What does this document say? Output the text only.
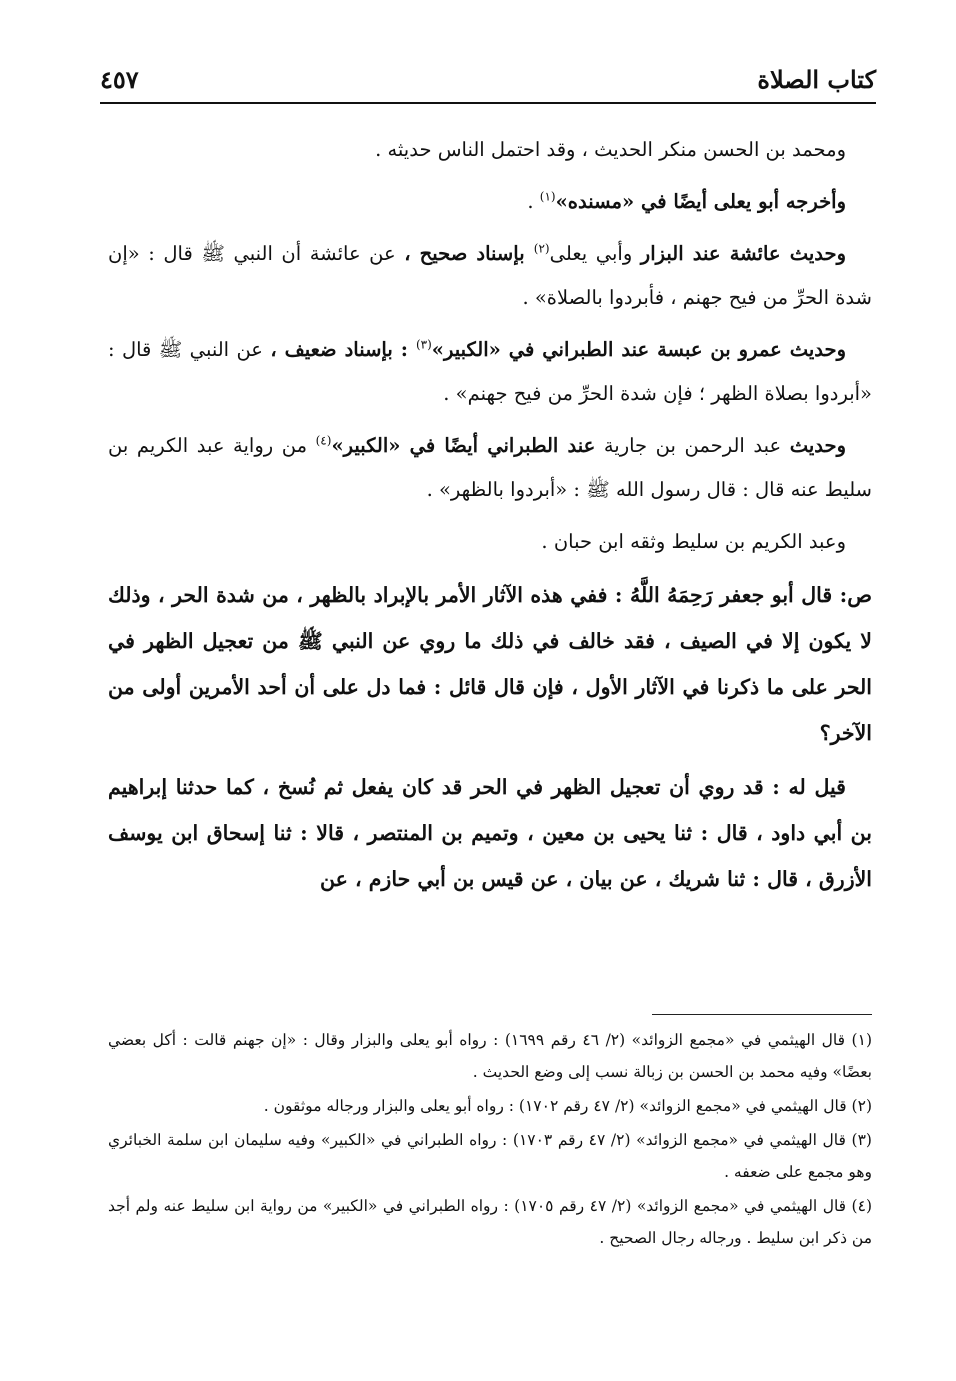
كتاب الصلاة
٤٥٧

ومحمد بن الحسن منكر الحديث ، وقد احتمل الناس حديثه .

وأخرجه أبو يعلى أيضًا في «مسنده»$^{(١)}$ .

وحديث عائشة عند البزار وأبي يعلى$^{(٢)}$ بإسناد صحيح ، عن عائشة أن النبي ﷺ قال : «إن شدة الحرِّ من فيح جهنم ، فأبردوا بالصلاة» .

وحديث عمرو بن عبسة عند الطبراني في «الكبير»$^{(٣)}$ : بإسناد ضعيف ، عن النبي ﷺ قال : «أبردوا بصلاة الظهر ؛ فإن شدة الحرِّ من فيح جهنم» .

وحديث عبد الرحمن بن جارية عند الطبراني أيضًا في «الكبير»$^{(٤)}$ من رواية عبد الكريم بن سليط عنه قال : قال رسول الله ﷺ : «أبردوا بالظهر» .

وعبد الكريم بن سليط وثقه ابن حبان .

ص: قال أبو جعفر رَحِمَهُ اللَّهُ : ففي هذه الآثار الأمر بالإبراد بالظهر ، من شدة الحر ، وذلك لا يكون إلا في الصيف ، فقد خالف في ذلك ما روي عن النبي ﷺ من تعجيل الظهر في الحر على ما ذكرنا في الآثار الأول ، فإن قال قائل : فما دل على أن أحد الأمرين أولى من الآخر؟

قيل له : قد روي أن تعجيل الظهر في الحر قد كان يفعل ثم نُسخ ، كما حدثنا إبراهيم بن أبي داود ، قال : ثنا يحيى بن معين ، وتميم بن المنتصر ، قالا : ثنا إسحاق ابن يوسف الأزرق ، قال : ثنا شريك ، عن بيان ، عن قيس بن أبي حازم ، عن

(١) قال الهيثمي في «مجمع الزوائد» (٢/ ٤٦ رقم ١٦٩٩) : رواه أبو يعلى والبزار وقال : «إن جهنم قالت : أكل بعضي بعضًا» وفيه محمد بن الحسن بن زبالة نسب إلى وضع الحديث .

(٢) قال الهيثمي في «مجمع الزوائد» (٢/ ٤٧ رقم ١٧٠٢) : رواه أبو يعلى والبزار ورجاله موثقون .

(٣) قال الهيثمي في «مجمع الزوائد» (٢/ ٤٧ رقم ١٧٠٣) : رواه الطبراني في «الكبير» وفيه سليمان ابن سلمة الخبائري وهو مجمع على ضعفه .

(٤) قال الهيثمي في «مجمع الزوائد» (٢/ ٤٧ رقم ١٧٠٥) : رواه الطبراني في «الكبير» من رواية ابن سليط عنه ولم أجد من ذكر ابن سليط . ورجاله رجال الصحيح .
